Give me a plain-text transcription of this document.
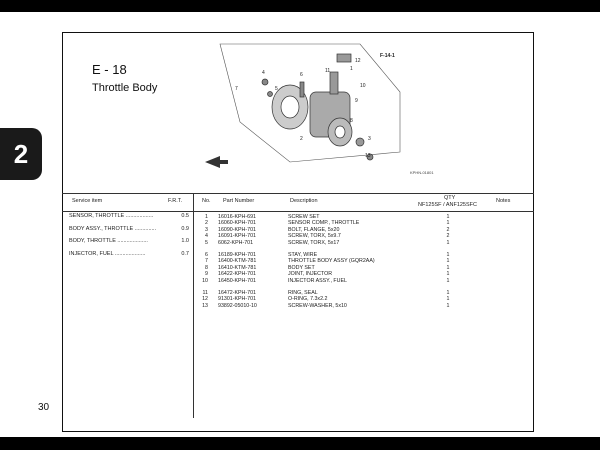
2
E - 18
Throttle Body
1
2	3
4
5
6
7
8
9
10
11
12
13
F-14-1
KPHN-01801
Service item	F.R.T.	No. Part Number	Description	QTY
NF125SF / ANF125SFC
Notes
SENSOR, THROTTLE ..................	0.5
BODY ASSY., THROTTLE ..............	0.9
BODY, THROTTLE ....................	1.0
INJECTOR, FUEL ....................	0.7
1	16016-KPH-691	SCREW SET	1
2	16060-KPH-701	SENSOR COMP., THROTTLE	1
3	16090-KPH-701	BOLT, FLANGE, 5x20	2
4	16091-KPH-701	SCREW, TORX, 5x9.7	2
5	6062-KPH-701	SCREW, TORX, 5x17	1
6	16189-KPH-701	STAY, WIRE	1
7	16400-KTM-781	THROTTLE BODY ASSY (GQR2AA)	1
8	16410-KTM-781	BODY SET	1
9	16422-KPH-701	JOINT, INJECTOR	1
10	16450-KPH-701	INJECTOR ASSY., FUEL	1
11	16472-KPH-701	RING, SEAL	1
12	91301-KPH-701	O-RING, 7.3x2.2	1
13	93892-05010-10	SCREW-WASHER, 5x10	1
30
